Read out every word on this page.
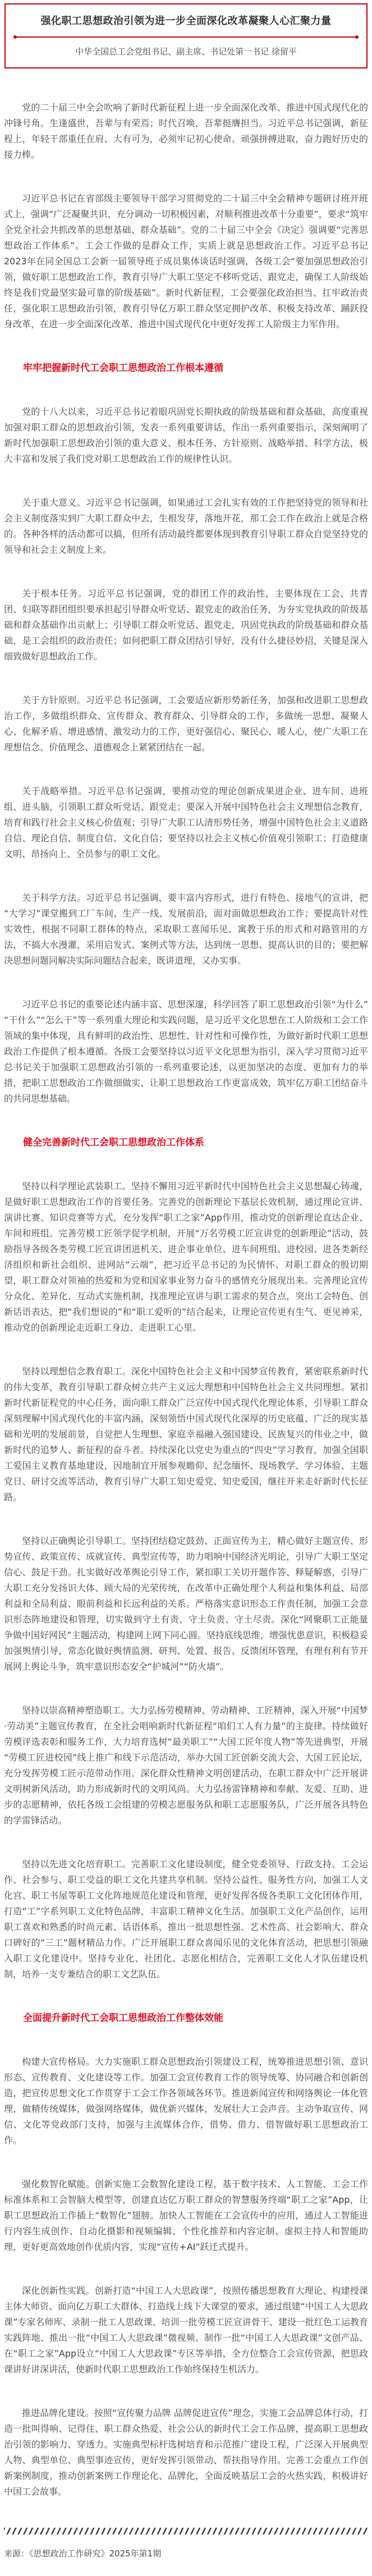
强化职工思想政治引领为进一步全面深化改革凝聚人心汇聚力量
中华全国总工会党组书记、副主席、书记处第一书记 徐留平

党的二十届三中全会吹响了新时代新征程上进一步全面深化改革、推进中国式现代化的冲锋号角。生逢盛世，吾辈与有荣焉；时代召唤，吾辈挺膺担当。习近平总书记强调，新征程上，年轻干部重任在肩、大有可为，必须牢记初心使命、顽强拼搏进取，奋力跑好历史的接力棒。

习近平总书记在省部级主要领导干部学习贯彻党的二十届三中全会精神专题研讨班开班式上，强调“广泛凝聚共识、充分调动一切积极因素，对顺利推进改革十分重要”，要求“筑牢全党全社会共抓改革的思想基础、群众基础”。党的二十届三中全会《决定》强调要“完善思想政治工作体系”。工会工作做的是群众工作，实质上就是思想政治工作。习近平总书记2023年在同全国总工会新一届领导班子成员集体谈话时强调，各级工会“要加强思想政治引领，做好职工思想政治工作，教育引导广大职工坚定不移听党话、跟党走，确保工人阶级始终是我们党最坚实最可靠的阶级基础”。新时代新征程，工会要强化政治担当、扛牢政治责任，强化职工思想政治引领，教育引导亿万职工群众坚定拥护改革、积极支持改革、踊跃投身改革，在进一步全面深化改革、推进中国式现代化中更好发挥工人阶级主力军作用。

牢牢把握新时代工会职工思想政治工作根本遵循

党的十八大以来，习近平总书记着眼巩固党长期执政的阶级基础和群众基础，高度重视加强对职工群众的思想政治引领，发表一系列重要讲话，作出一系列重要指示，深刻阐明了新时代加强职工思想政治引领的重大意义、根本任务、方针原则、战略举措、科学方法，极大丰富和发展了我们党对职工思想政治工作的规律性认识。

关于重大意义。习近平总书记强调，如果通过工会扎实有效的工作把坚持党的领导和社会主义制度落实到广大职工群众中去，生根发芽，落地开花，那工会工作在政治上就是合格的。各种各样的活动都可以搞，但所有活动最终都要体现到教育引导职工群众自觉坚持党的领导和社会主义制度上来。

关于根本任务。习近平总书记强调，党的群团工作的政治性，主要体现在工会、共青团、妇联等群团组织要承担起引导群众听党话、跟党走的政治任务，为夯实党执政的阶级基础和群众基础作出贡献上；引导职工群众听党话、跟党走，巩固党执政的阶级基础和群众基础，是工会组织的政治责任；如何把职工群众团结引导好，没有什么捷径妙招，关键是深入细致做好思想政治工作。

关于方针原则。习近平总书记强调，工会要适应新形势新任务，加强和改进职工思想政治工作，多做组织群众、宣传群众、教育群众、引导群众的工作，多做统一思想、凝聚人心、化解矛盾、增进感情、激发动力的工作，更好强信心、聚民心、暖人心，使广大职工在理想信念、价值理念、道德观念上紧紧团结在一起。

关于战略举措。习近平总书记强调，要推动党的理论创新成果进企业、进车间、进班组、进头脑，引领职工群众听党话、跟党走；要深入开展中国特色社会主义理想信念教育，培育和践行社会主义核心价值观；引导广大职工认清形势任务，增强中国特色社会主义道路自信、理论自信、制度自信、文化自信；要坚持以社会主义核心价值观引领职工；打造健康文明、昂扬向上、全员参与的职工文化。

关于科学方法。习近平总书记强调，要丰富内容形式，进行有特色、接地气的宣讲，把“大学习”课堂搬到工厂车间、生产一线、发展前沿，面对面做思想政治工作；要提高针对性实效性，根据不同职工群体的特点，采取职工喜闻乐见、寓教于乐的形式和对路管用的方法，不搞大水漫灌，采用启发式、案例式等方法，达到统一思想、提高认识的目的；要把解决思想问题同解决实际问题结合起来，既讲道理，又办实事。

习近平总书记的重要论述内涵丰富、思想深邃，科学回答了职工思想政治引领“为什么”“干什么”“怎么干”等一系列重大理论和实践问题，是习近平文化思想在工人阶级和工会工作领域的集中体现，具有鲜明的政治性、思想性、针对性和可操作性，为做好新时代职工思想政治工作提供了根本遵循。各级工会要坚持以习近平文化思想为指引，深入学习贯彻习近平总书记关于加强职工思想政治引领的一系列重要论述，以更加坚决的态度、更加有力的举措，把职工思想政治工作做细做实、让职工思想政治工作更富成效，筑牢亿万职工团结奋斗的共同思想基础。

健全完善新时代工会职工思想政治工作体系

坚持以科学理论武装职工。坚持不懈用习近平新时代中国特色社会主义思想凝心铸魂，是做好职工思想政治工作的首要任务。完善党的创新理论下基层长效机制，通过理论宣讲、演讲比赛、知识竞赛等方式，充分发挥“职工之家”App作用，推动党的创新理论直达企业、车间和班组。完善劳模工匠领学促学机制，开展“万名劳模工匠宣讲党的创新理论”活动，鼓励指导各级各类劳模工匠宣讲团进机关、进企事业单位、进车间班组、进校园、进各类新经济组织和新社会组织、进网站“云端”，把习近平总书记的为民情怀、对职工群众的殷切期望，职工群众对领袖的热爱和为党和国家事业努力奋斗的感情充分展现出来。完善理论宣传分众化、差异化、互动式实施机制，找准理论宣讲与职工需求的契合点，突出工会特色、创新话语表达，把“我们想说的”和“职工爱听的”结合起来，让理论宣传更有生气、更见神采，推动党的创新理论走近职工身边、走进职工心里。

坚持以理想信念教育职工。深化中国特色社会主义和中国梦宣传教育，紧密联系新时代的伟大变革，教育引导职工群众树立共产主义远大理想和中国特色社会主义共同理想。紧扣新时代新征程党的中心任务，面向职工群众广泛宣传中国式现代化理论体系，引导职工群众深刻理解中国式现代化的丰富内涵，深刻领悟中国式现代化深厚的历史底蕴、广泛的现实基础和光明的发展前景，自觉把人生理想、家庭幸福融入强国建设、民族复兴的伟业之中，做新时代的追梦人、新征程的奋斗者。持续深化以党史为重点的“四史”学习教育，加强全国职工爱国主义教育基地建设，因地制宜开展参观瞻仰、纪念缅怀、现场教学、学习体验、主题党日、研讨交流等活动，教育引导广大职工知史爱党、知史爱国，继往开来走好新时代长征路。

坚持以正确舆论引导职工。坚持团结稳定鼓劲、正面宣传为主，精心做好主题宣传、形势宣传、政策宣传、成就宣传、典型宣传等，助力唱响中国经济光明论，引导广大职工坚定信心、鼓足干劲。扎实做好改革舆论引导工作，紧扣职工关切开题作答、释疑解惑，引导广大职工充分发扬识大体、顾大局的光荣传统，在改革中正确处理个人利益和集体利益、局部利益和全局利益、眼前利益和长远利益的关系。严格落实意识形态工作责任制，加强工会意识形态阵地建设和管理，切实做到守土有责、守土负责、守土尽责。深化“网聚职工正能量 争做中国好网民”主题活动，构建网上网下同心圆。坚持底线思维，增强忧患意识，积极稳妥加强舆情引导，常态化做好舆情监测、研判、处置、报告、反馈闭环管理，有理有利有节开展网上舆论斗争，筑牢意识形态安全“护城河”“防火墙”。

坚持以崇高精神塑造职工。大力弘扬劳模精神、劳动精神、工匠精神，深入开展“中国梦·劳动美”主题宣传教育，在全社会唱响新时代新征程“咱们工人有力量”的主旋律。持续做好劳模评选表彰和服务工作，大力培育选树“最美职工”“大国工匠年度人物”等先进典型，开展“劳模工匠进校园”线上推广和线下示范活动，举办大国工匠创新交流大会、大国工匠论坛，充分发挥劳模工匠示范带动作用。深化群众性精神文明创建活动，在职工群众中广泛开展讲文明树新风活动，助力形成新时代的文明风尚。大力弘扬雷锋精神和奉献、友爱、互助、进步的志愿精神，依托各级工会组建的劳模志愿服务队和职工志愿服务队，广泛开展各具特色的学雷锋活动。

坚持以先进文化培育职工。完善职工文化建设制度，健全党委领导、行政支持、工会运作、社会参与、职工受益的职工文化共建共享机制。坚持公益性、服务性方向，加强工人文化宫、职工书屋等职工文化阵地规范化建设和管理，更好发挥各级各类职工文化团体作用，打造“工”字系列职工文化特色品牌，丰富职工精神文化生活。加强职工文化产品创作，运用职工喜欢和熟悉的时尚元素、话语体系，推出一批思想性强、艺术性高、社会影响大、群众口碑好的“三工”题材精品力作。广泛开展职工群众喜闻乐见的文化体育活动，把思想引领融入职工文化建设中。坚持专业化、社团化、志愿化相结合，完善职工文化人才队伍建设机制，培养一支专兼结合的职工文艺队伍。

全面提升新时代工会职工思想政治工作整体效能

构建大宣传格局。大力实施职工群众思想政治引领建设工程，统筹推进思想引领、意识形态、宣传教育、文化建设等工作。加强工会宣传教育工作的领导统筹、协同融合和创新创造，把宣传思想文化工作贯穿于工会工作各领域各环节。推进新闻宣传和网络舆论一体化管理，做精传统媒体，做强网络媒体，做优新兴媒体，发展壮大工会声音。主动争取宣传、网信、文化等党政部门支持，加强与主流媒体合作，借势、借力、借智做好职工思想政治工作。

强化数智化赋能。创新实施工会数智化建设工程，基于数字技术、人工智能、工会工作标准体系和工会智脑大模型等，创建直达亿万职工群众的智慧服务终端“职工之家”App，让职工思想政治工作插上“数智化”翅膀。加快人工智能在工会宣传中的应用，通过人工智能进行内容生成创作、自动化摄影和视频编辑、个性化推荐和内容定制、虚拟主持人和智能助理，更好更高效地创作优质内容，实现“宣传+AI”跃迁式提升。

深化创新性实践。创新打造“中国工人大思政课”，按照传播思想教育大理论、构建授课主体大师资、面向亿万职工大群体、打造线上线下大课堂的要求，通过组建“中国工人大思政课”专家名师库、录制一批工人思政课、培训一批劳模工匠宣讲骨干、建设一批红色工运教育实践阵地、推出一批“中国工人大思政课”微视频、制作一批“中国工人大思政课”文创产品、在“职工之家”App设立“中国工人大思政课”专区等举措，全方位整合工会宣传资源，把思政课讲好讲深讲活，使新时代职工思想政治工作始终保持生机活力。

推进品牌化建设。按照“宣传聚力品牌 品牌促进宣传”理念，实施工会品牌总体行动，打造一批叫得响、记得住、职工群众热爱、社会公认的新时代工会工作品牌，提高职工思想政治引领的影响力、穿透力。实施典型标杆选树培育和示范推广建设工程，广泛深入开展典型人物、典型单位、典型事迹宣传，更好发挥引领带动、帮扶指导作用。完善工会重点工作创新案例制度，推动创新案例工作理论化、品牌化，全面反映基层工会的火热实践，积极讲好中国工会故事。

来源：《思想政治工作研究》2025年第1期
